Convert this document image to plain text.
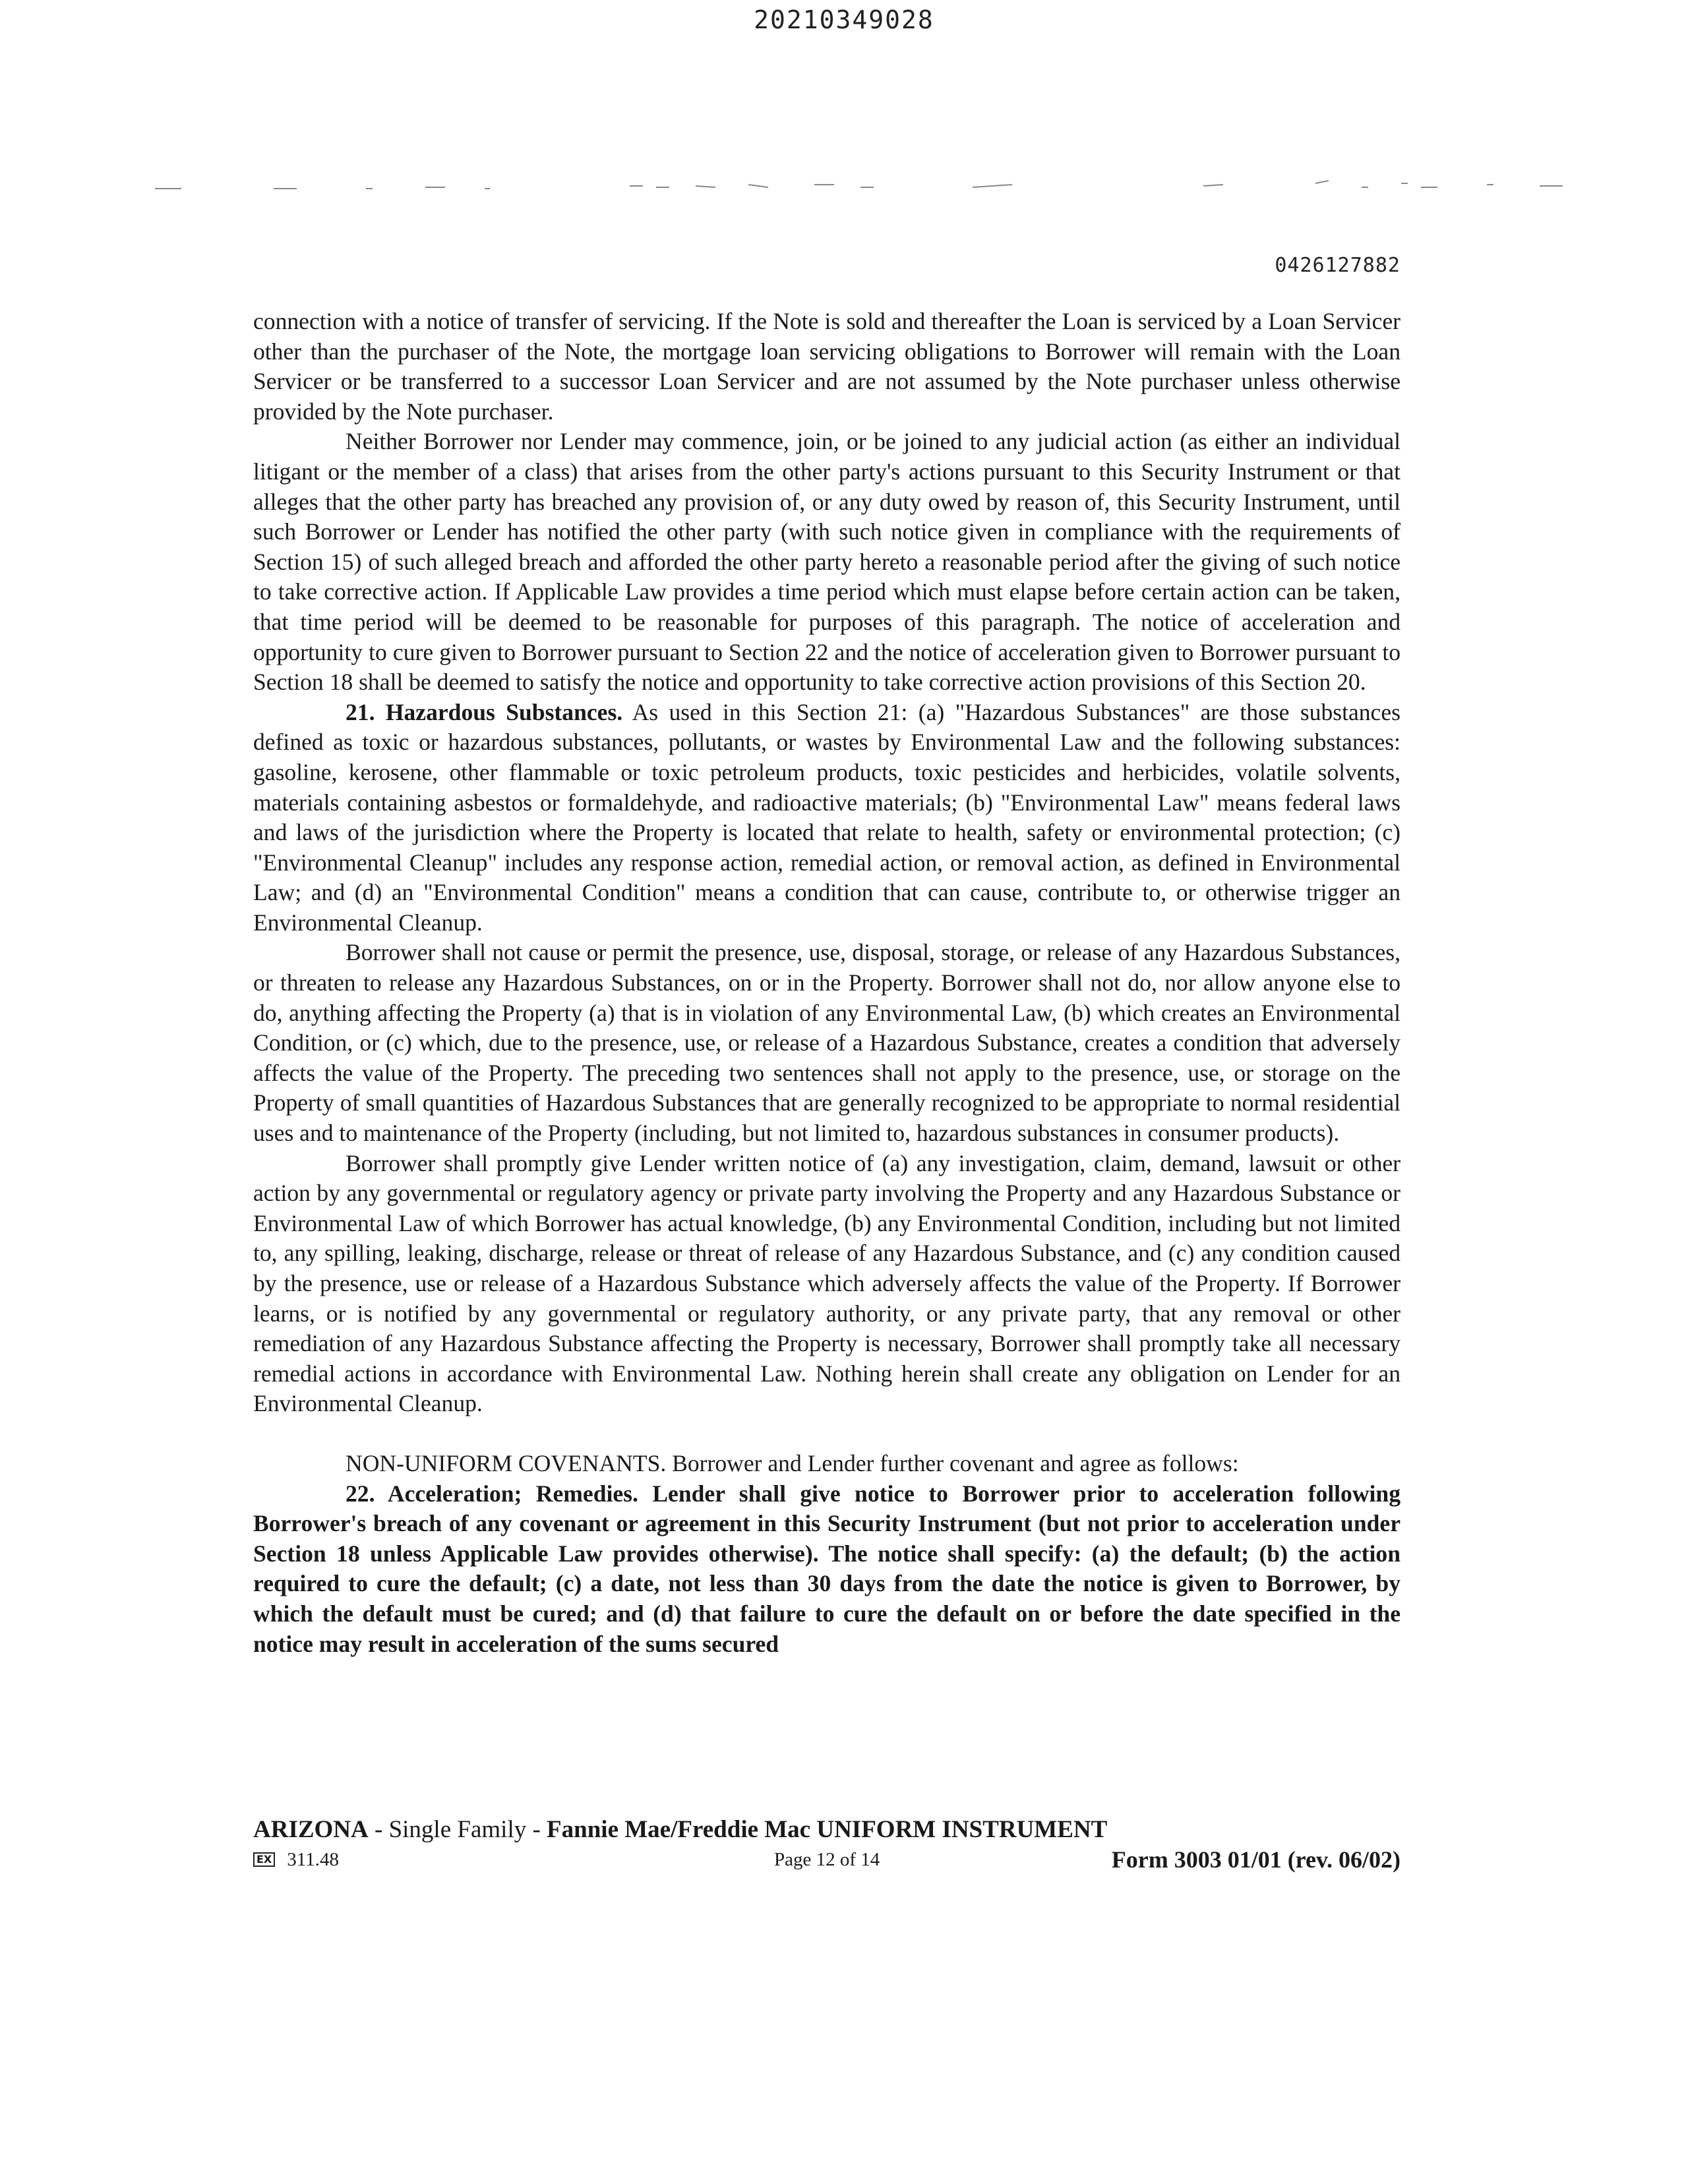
20210349028
0426127882

connection with a notice of transfer of servicing. If the Note is sold and thereafter the Loan is serviced by a Loan Servicer other than the purchaser of the Note, the mortgage loan servicing obligations to Borrower will remain with the Loan Servicer or be transferred to a successor Loan Servicer and are not assumed by the Note purchaser unless otherwise provided by the Note purchaser.

Neither Borrower nor Lender may commence, join, or be joined to any judicial action (as either an individual litigant or the member of a class) that arises from the other party's actions pursuant to this Security Instrument or that alleges that the other party has breached any provision of, or any duty owed by reason of, this Security Instrument, until such Borrower or Lender has notified the other party (with such notice given in compliance with the requirements of Section 15) of such alleged breach and afforded the other party hereto a reasonable period after the giving of such notice to take corrective action. If Applicable Law provides a time period which must elapse before certain action can be taken, that time period will be deemed to be reasonable for purposes of this paragraph. The notice of acceleration and opportunity to cure given to Borrower pursuant to Section 22 and the notice of acceleration given to Borrower pursuant to Section 18 shall be deemed to satisfy the notice and opportunity to take corrective action provisions of this Section 20.

21. Hazardous Substances. As used in this Section 21: (a) "Hazardous Substances" are those substances defined as toxic or hazardous substances, pollutants, or wastes by Environmental Law and the following substances: gasoline, kerosene, other flammable or toxic petroleum products, toxic pesticides and herbicides, volatile solvents, materials containing asbestos or formaldehyde, and radioactive materials; (b) "Environmental Law" means federal laws and laws of the jurisdiction where the Property is located that relate to health, safety or environmental protection; (c) "Environmental Cleanup" includes any response action, remedial action, or removal action, as defined in Environmental Law; and (d) an "Environmental Condition" means a condition that can cause, contribute to, or otherwise trigger an Environmental Cleanup.

Borrower shall not cause or permit the presence, use, disposal, storage, or release of any Hazardous Substances, or threaten to release any Hazardous Substances, on or in the Property. Borrower shall not do, nor allow anyone else to do, anything affecting the Property (a) that is in violation of any Environmental Law, (b) which creates an Environmental Condition, or (c) which, due to the presence, use, or release of a Hazardous Substance, creates a condition that adversely affects the value of the Property. The preceding two sentences shall not apply to the presence, use, or storage on the Property of small quantities of Hazardous Substances that are generally recognized to be appropriate to normal residential uses and to maintenance of the Property (including, but not limited to, hazardous substances in consumer products).

Borrower shall promptly give Lender written notice of (a) any investigation, claim, demand, lawsuit or other action by any governmental or regulatory agency or private party involving the Property and any Hazardous Substance or Environmental Law of which Borrower has actual knowledge, (b) any Environmental Condition, including but not limited to, any spilling, leaking, discharge, release or threat of release of any Hazardous Substance, and (c) any condition caused by the presence, use or release of a Hazardous Substance which adversely affects the value of the Property. If Borrower learns, or is notified by any governmental or regulatory authority, or any private party, that any removal or other remediation of any Hazardous Substance affecting the Property is necessary, Borrower shall promptly take all necessary remedial actions in accordance with Environmental Law. Nothing herein shall create any obligation on Lender for an Environmental Cleanup.

NON-UNIFORM COVENANTS. Borrower and Lender further covenant and agree as follows:

22. Acceleration; Remedies. Lender shall give notice to Borrower prior to acceleration following Borrower's breach of any covenant or agreement in this Security Instrument (but not prior to acceleration under Section 18 unless Applicable Law provides otherwise). The notice shall specify: (a) the default; (b) the action required to cure the default; (c) a date, not less than 30 days from the date the notice is given to Borrower, by which the default must be cured; and (d) that failure to cure the default on or before the date specified in the notice may result in acceleration of the sums secured

ARIZONA - Single Family - Fannie Mae/Freddie Mac UNIFORM INSTRUMENT
EX 311.48	Page 12 of 14	Form 3003 01/01 (rev. 06/02)
